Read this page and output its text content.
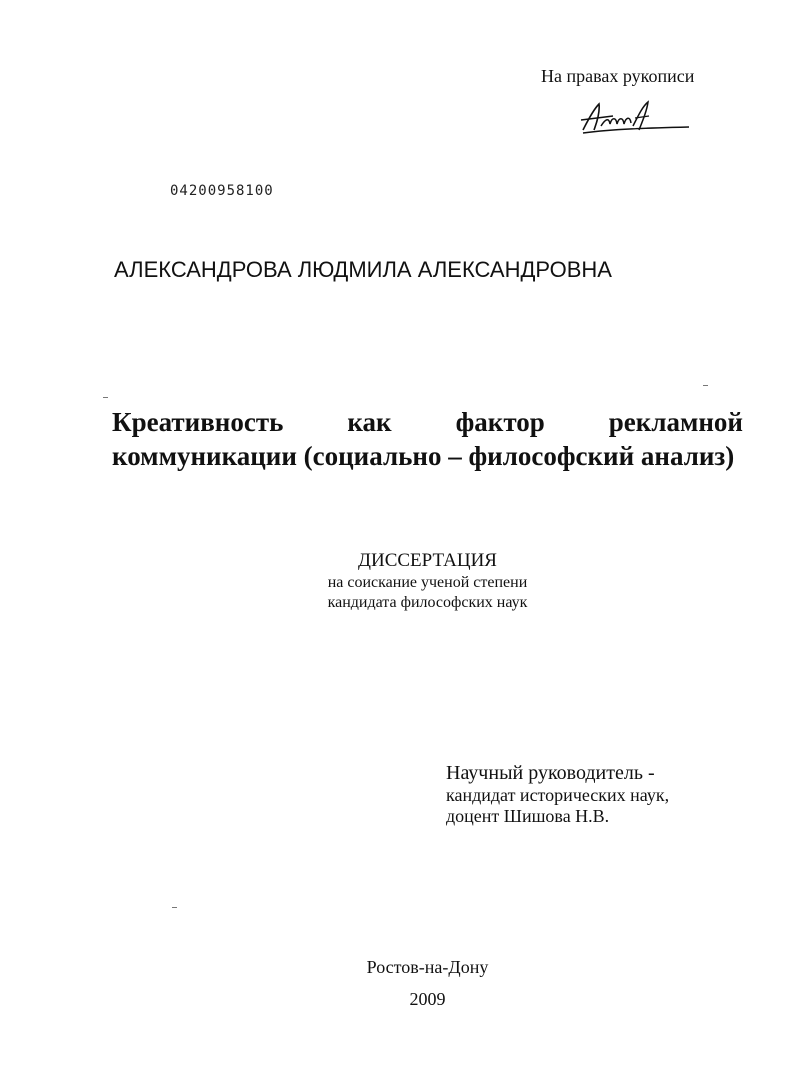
На правах рукописи
04200958100
АЛЕКСАНДРОВА ЛЮДМИЛА АЛЕКСАНДРОВНА
Креативность как фактор рекламной
коммуникации (социально – философский анализ)
ДИССЕРТАЦИЯ
на соискание ученой степени
кандидата философских наук
Научный руководитель -
кандидат исторических наук,
доцент Шишова Н.В.
Ростов-на-Дону
2009
